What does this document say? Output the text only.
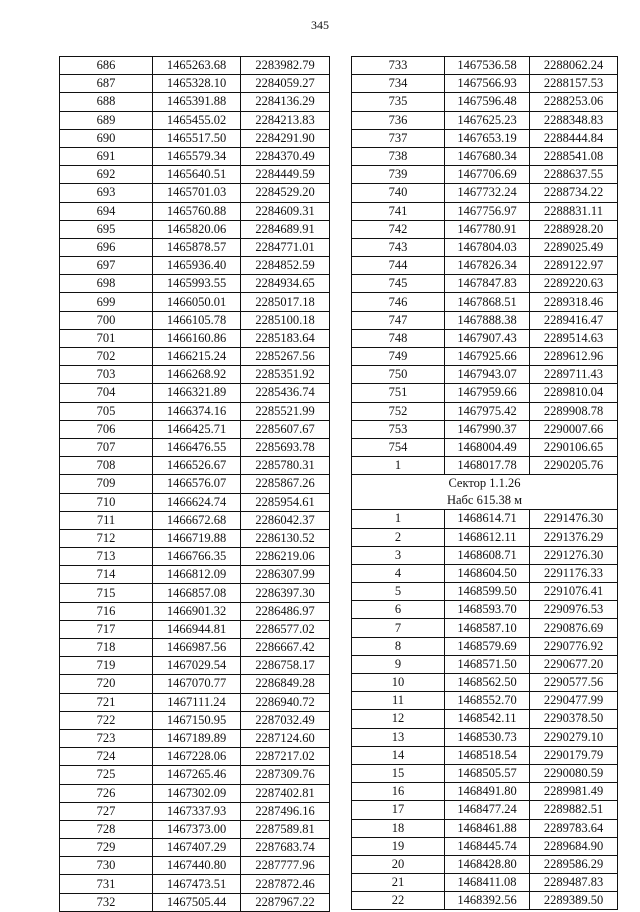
345
686	1465263.68	2283982.79
687	1465328.10	2284059.27
688	1465391.88	2284136.29
689	1465455.02	2284213.83
690	1465517.50	2284291.90
691	1465579.34	2284370.49
692	1465640.51	2284449.59
693	1465701.03	2284529.20
694	1465760.88	2284609.31
695	1465820.06	2284689.91
696	1465878.57	2284771.01
697	1465936.40	2284852.59
698	1465993.55	2284934.65
699	1466050.01	2285017.18
700	1466105.78	2285100.18
701	1466160.86	2285183.64
702	1466215.24	2285267.56
703	1466268.92	2285351.92
704	1466321.89	2285436.74
705	1466374.16	2285521.99
706	1466425.71	2285607.67
707	1466476.55	2285693.78
708	1466526.67	2285780.31
709	1466576.07	2285867.26
710	1466624.74	2285954.61
711	1466672.68	2286042.37
712	1466719.88	2286130.52
713	1466766.35	2286219.06
714	1466812.09	2286307.99
715	1466857.08	2286397.30
716	1466901.32	2286486.97
717	1466944.81	2286577.02
718	1466987.56	2286667.42
719	1467029.54	2286758.17
720	1467070.77	2286849.28
721	1467111.24	2286940.72
722	1467150.95	2287032.49
723	1467189.89	2287124.60
724	1467228.06	2287217.02
725	1467265.46	2287309.76
726	1467302.09	2287402.81
727	1467337.93	2287496.16
728	1467373.00	2287589.81
729	1467407.29	2287683.74
730	1467440.80	2287777.96
731	1467473.51	2287872.46
732	1467505.44	2287967.22
733	1467536.58	2288062.24
734	1467566.93	2288157.53
735	1467596.48	2288253.06
736	1467625.23	2288348.83
737	1467653.19	2288444.84
738	1467680.34	2288541.08
739	1467706.69	2288637.55
740	1467732.24	2288734.22
741	1467756.97	2288831.11
742	1467780.91	2288928.20
743	1467804.03	2289025.49
744	1467826.34	2289122.97
745	1467847.83	2289220.63
746	1467868.51	2289318.46
747	1467888.38	2289416.47
748	1467907.43	2289514.63
749	1467925.66	2289612.96
750	1467943.07	2289711.43
751	1467959.66	2289810.04
752	1467975.42	2289908.78
753	1467990.37	2290007.66
754	1468004.49	2290106.65
1	1468017.78	2290205.76

Сектор 1.1.26
Набс 615.38 м		

1	1468614.71	2291476.30
2	1468612.11	2291376.29
3	1468608.71	2291276.30
4	1468604.50	2291176.33
5	1468599.50	2291076.41
6	1468593.70	2290976.53
7	1468587.10	2290876.69
8	1468579.69	2290776.92
9	1468571.50	2290677.20
10	1468562.50	2290577.56
11	1468552.70	2290477.99
12	1468542.11	2290378.50
13	1468530.73	2290279.10
14	1468518.54	2290179.79
15	1468505.57	2290080.59
16	1468491.80	2289981.49
17	1468477.24	2289882.51
18	1468461.88	2289783.64
19	1468445.74	2289684.90
20	1468428.80	2289586.29
21	1468411.08	2289487.83
22	1468392.56	2289389.50
